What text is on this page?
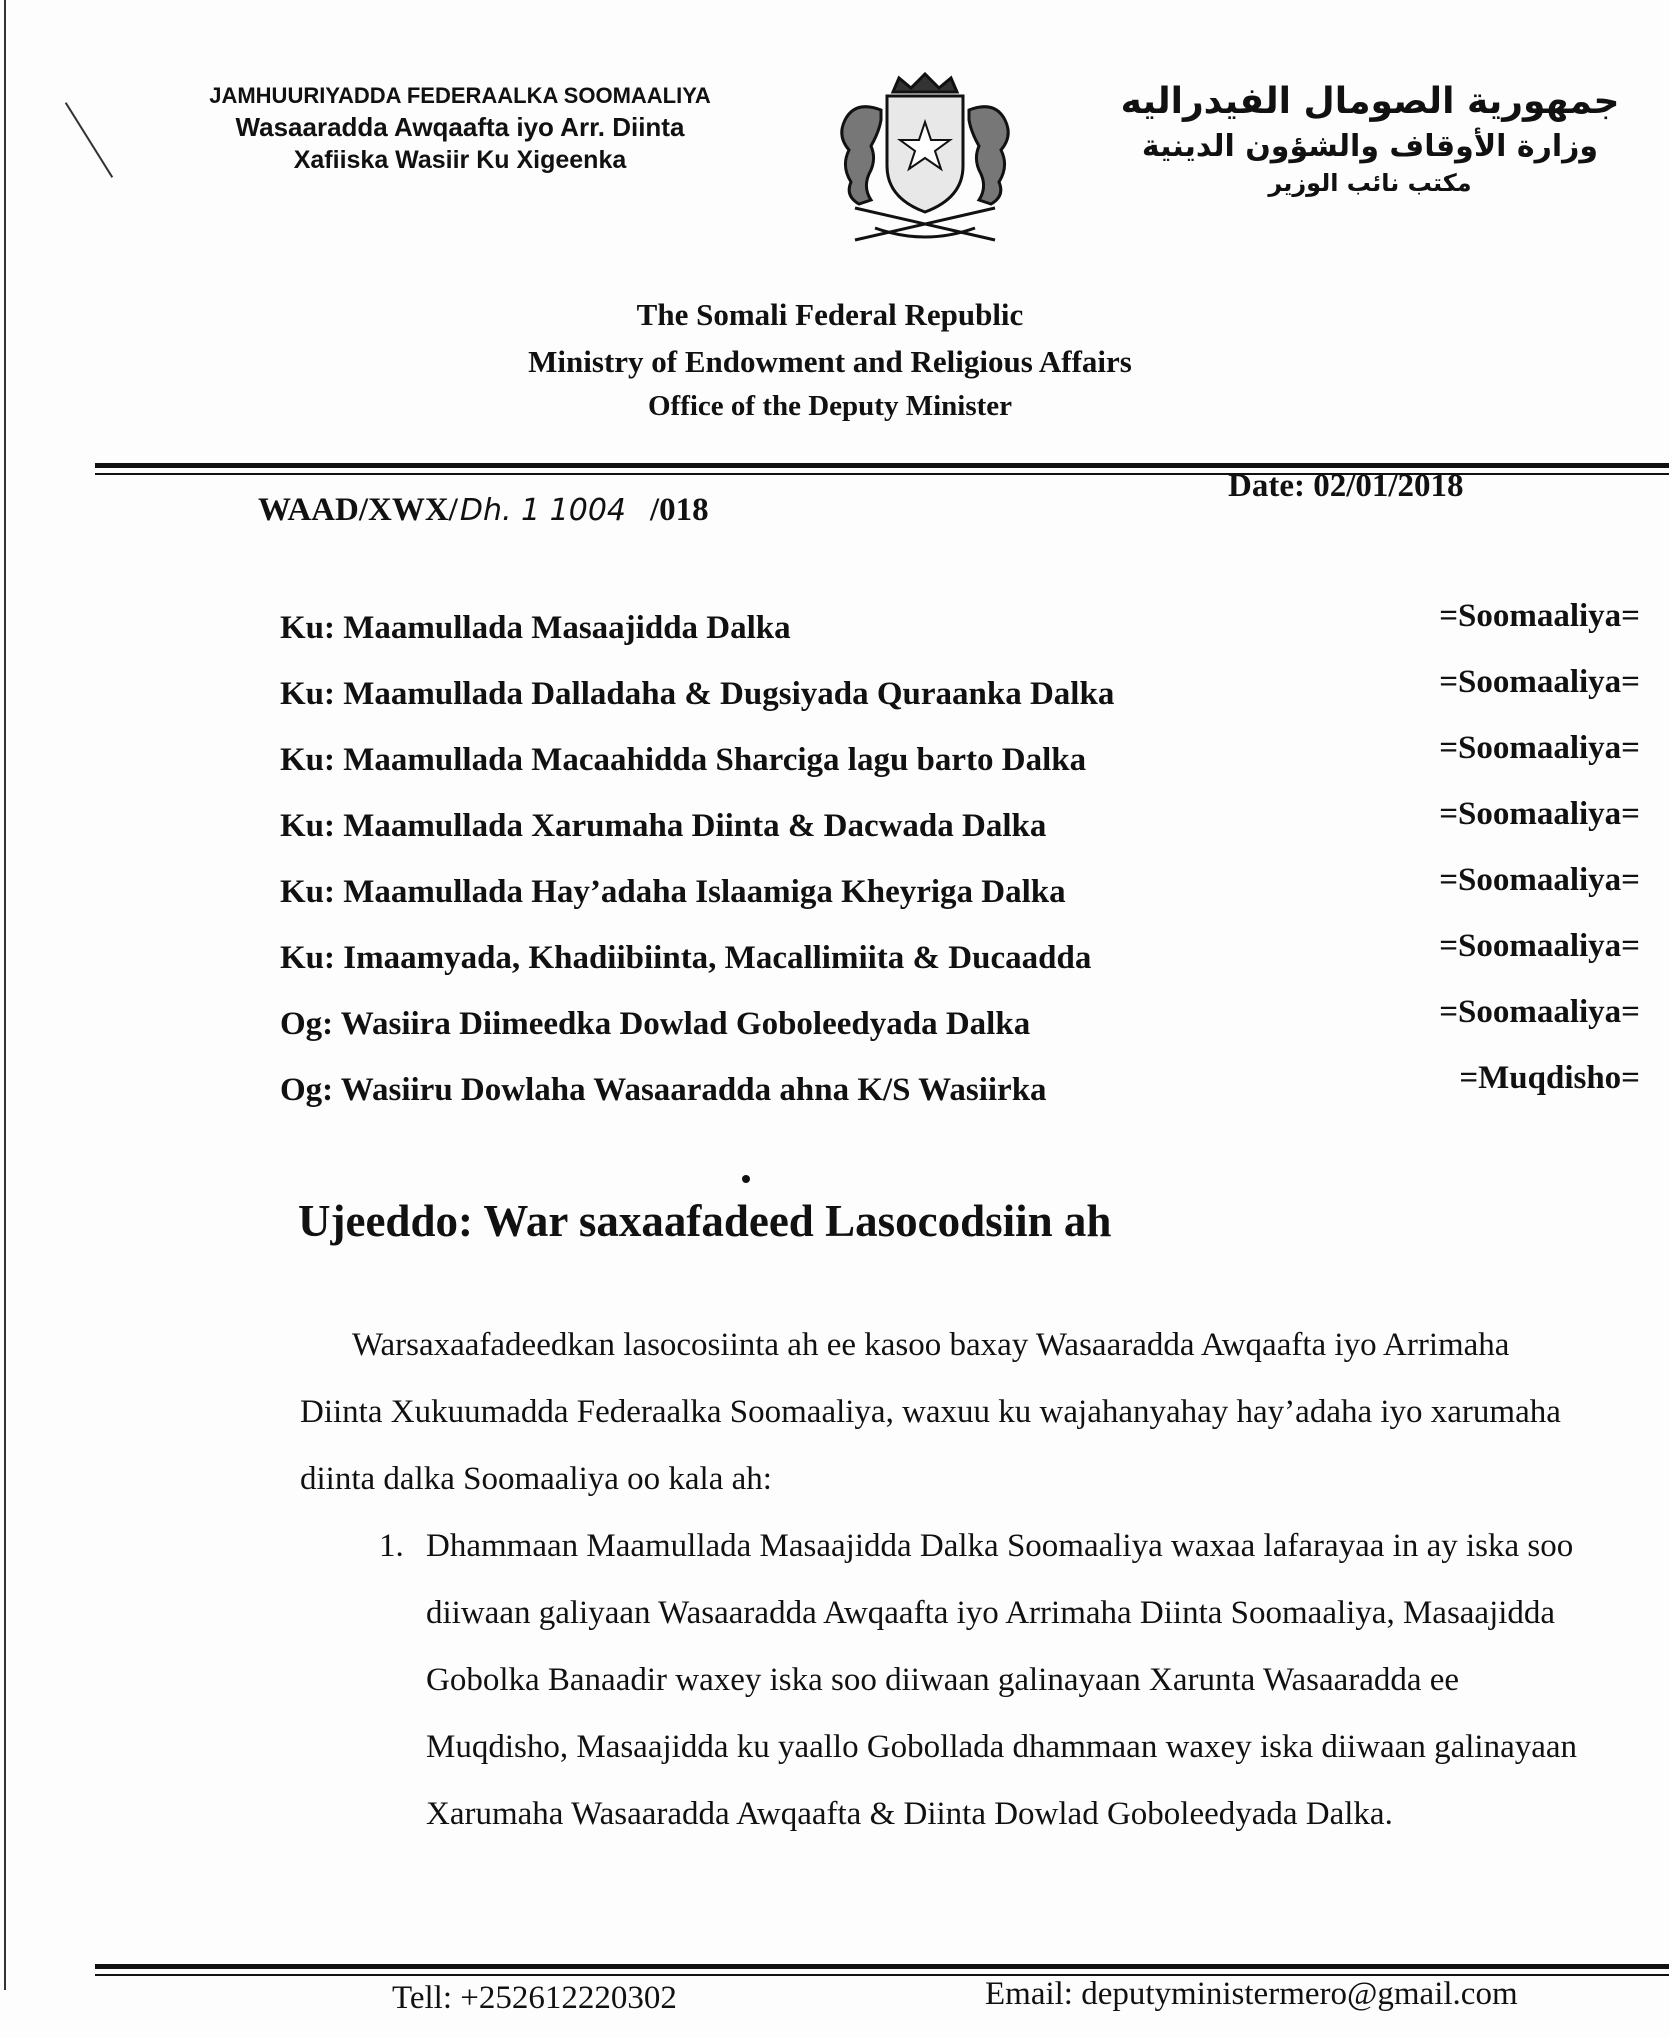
JAMHUURIYADDA FEDERAALKA SOOMAALIYA
Wasaaradda Awqaafta iyo Arr. Diinta
Xafiiska Wasiir Ku Xigeenka
جمهورية الصومال الفيدراليه
وزارة الأوقاف والشؤون الدينية
مكتب نائب الوزير
The Somali Federal Republic
Ministry of Endowment and Religious Affairs
Office of the Deputy Minister
WAAD/XWX/Dh. 1 1004 /018
Date: 02/01/2018
Ku: Maamullada Masaajidda Dalka	=Soomaaliya=
Ku: Maamullada Dalladaha & Dugsiyada Quraanka Dalka	=Soomaaliya=
Ku: Maamullada Macaahidda Sharciga lagu barto Dalka	=Soomaaliya=
Ku: Maamullada Xarumaha Diinta & Dacwada Dalka	=Soomaaliya=
Ku: Maamullada Hay’adaha Islaamiga Kheyriga Dalka	=Soomaaliya=
Ku: Imaamyada, Khadiibiinta, Macallimiita & Ducaadda	=Soomaaliya=
Og: Wasiira Diimeedka Dowlad Goboleedyada Dalka	=Soomaaliya=
Og: Wasiiru Dowlaha Wasaaradda ahna K/S Wasiirka	=Muqdisho=
Ujeeddo: War saxaafadeed Lasocodsiin ah

Warsaxaafadeedkan lasocosiinta ah ee kasoo baxay Wasaaradda Awqaafta iyo Arrimaha Diinta Xukuumadda Federaalka Soomaaliya, waxuu ku wajahanyahay hay’adaha iyo xarumaha diinta dalka Soomaaliya oo kala ah:

1. Dhammaan Maamullada Masaajidda Dalka Soomaaliya waxaa lafarayaa in ay iska soo diiwaan galiyaan Wasaaradda Awqaafta iyo Arrimaha Diinta Soomaaliya, Masaajidda Gobolka Banaadir waxey iska soo diiwaan galinayaan Xarunta Wasaaradda ee Muqdisho, Masaajidda ku yaallo Gobollada dhammaan waxey iska diiwaan galinayaan Xarumaha Wasaaradda Awqaafta & Diinta Dowlad Goboleedyada Dalka.
Tell: +252612220302	Email: deputyministermero@gmail.com
